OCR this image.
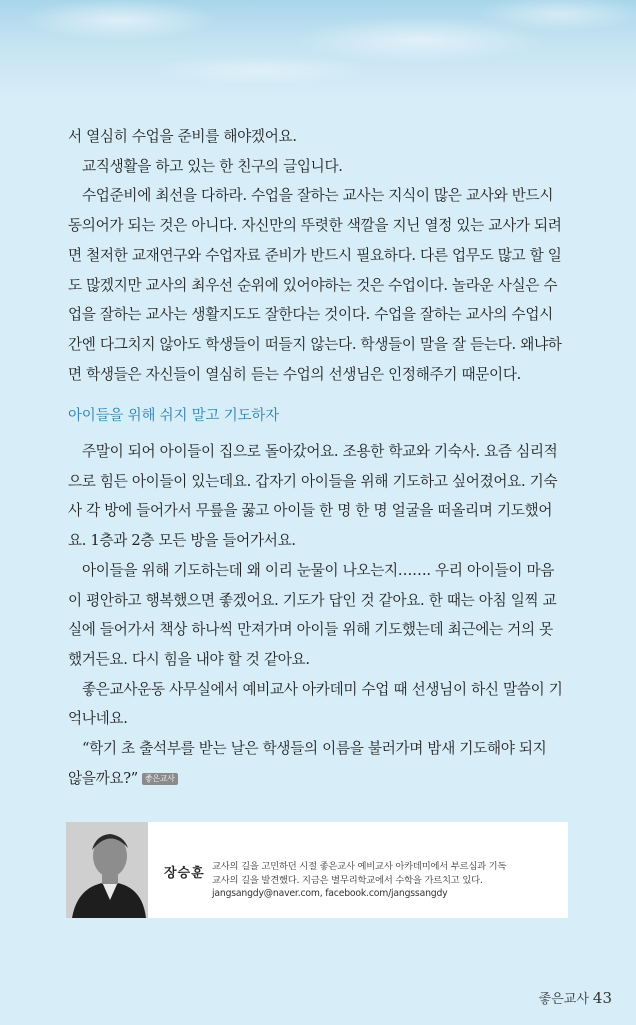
서 열심히 수업을 준비를 해야겠어요.
교직생활을 하고 있는 한 친구의 글입니다.
수업준비에 최선을 다하라. 수업을 잘하는 교사는 지식이 많은 교사와 반드시
동의어가 되는 것은 아니다. 자신만의 뚜렷한 색깔을 지닌 열정 있는 교사가 되려
면 철저한 교재연구와 수업자료 준비가 반드시 필요하다. 다른 업무도 많고 할 일
도 많겠지만 교사의 최우선 순위에 있어야하는 것은 수업이다. 놀라운 사실은 수
업을 잘하는 교사는 생활지도도 잘한다는 것이다. 수업을 잘하는 교사의 수업시
간엔 다그치지 않아도 학생들이 떠들지 않는다. 학생들이 말을 잘 듣는다. 왜냐하
면 학생들은 자신들이 열심히 듣는 수업의 선생님은 인정해주기 때문이다.
아이들을 위해 쉬지 말고 기도하자
주말이 되어 아이들이 집으로 돌아갔어요. 조용한 학교와 기숙사. 요즘 심리적
으로 힘든 아이들이 있는데요. 갑자기 아이들을 위해 기도하고 싶어졌어요. 기숙
사 각 방에 들어가서 무릎을 꿇고 아이들 한 명 한 명 얼굴을 떠올리며 기도했어
요. 1층과 2층 모든 방을 들어가서요.
아이들을 위해 기도하는데 왜 이리 눈물이 나오는지……. 우리 아이들이 마음
이 평안하고 행복했으면 좋겠어요. 기도가 답인 것 같아요. 한 때는 아침 일찍 교
실에 들어가서 책상 하나씩 만져가며 아이들 위해 기도했는데 최근에는 거의 못
했거든요. 다시 힘을 내야 할 것 같아요.
좋은교사운동 사무실에서 예비교사 아카데미 수업 때 선생님이 하신 말씀이 기
억나네요.
“학기 초 출석부를 받는 날은 학생들의 이름을 불러가며 밤새 기도해야 되지
않을까요?” 좋은교사
장승훈 교사의 길을 고민하던 시절 좋은교사 예비교사 아카데미에서 부르심과 기독
교사의 길을 발견했다. 지금은 별무리학교에서 수학을 가르치고 있다.
jangsangdy@naver.com, facebook.com/jangssangdy
좋은교사 43
